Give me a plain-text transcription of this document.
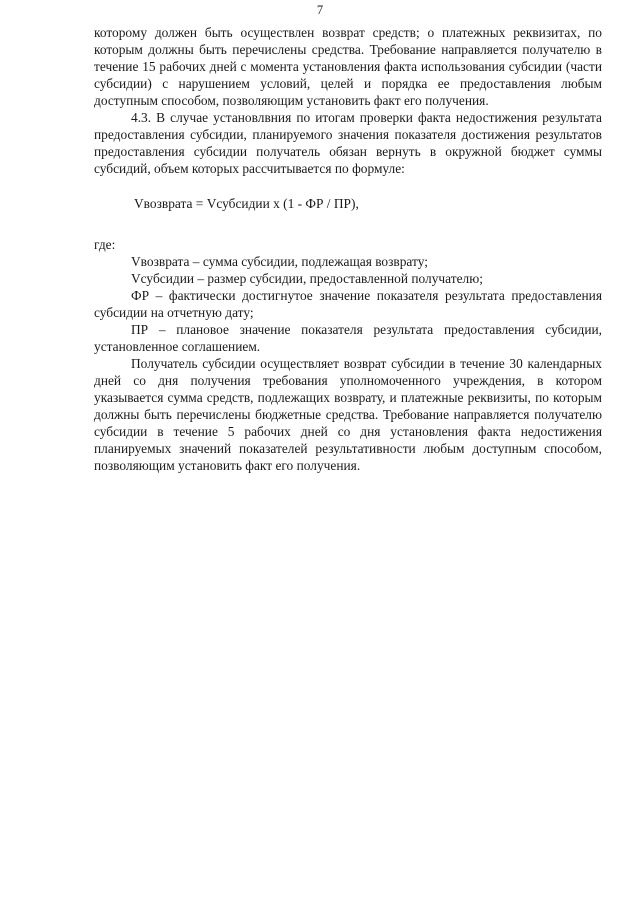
7

которому должен быть осуществлен возврат средств; о платежных реквизитах, по которым должны быть перечислены средства. Требование направляется получателю в течение 15 рабочих дней с момента установления факта использования субсидии (части субсидии) с нарушением условий, целей и порядка ее предоставления любым доступным способом, позволяющим установить факт его получения.

4.3. В случае установлвния по итогам проверки факта недостижения результата предоставления субсидии, планируемого значения показателя достижения результатов предоставления субсидии получатель обязан вернуть в окружной бюджет суммы субсидий, объем которых рассчитывается по формуле:

Vвозврата = Vсубсидии x (1 - ФР / ПР),

где:

Vвозврата – сумма субсидии, подлежащая возврату;

Vсубсидии – размер субсидии, предоставленной получателю;

ФР – фактически достигнутое значение показателя результата предоставления субсидии на отчетную дату;

ПР – плановое значение показателя результата предоставления субсидии, установленное соглашением.

Получатель субсидии осуществляет возврат субсидии в течение 30 календарных дней со дня получения требования уполномоченного учреждения, в котором указывается сумма средств, подлежащих возврату, и платежные реквизиты, по которым должны быть перечислены бюджетные средства. Требование направляется получателю субсидии в течение 5 рабочих дней со дня установления факта недостижения планируемых значений показателей результативности любым доступным способом, позволяющим установить факт его получения.
